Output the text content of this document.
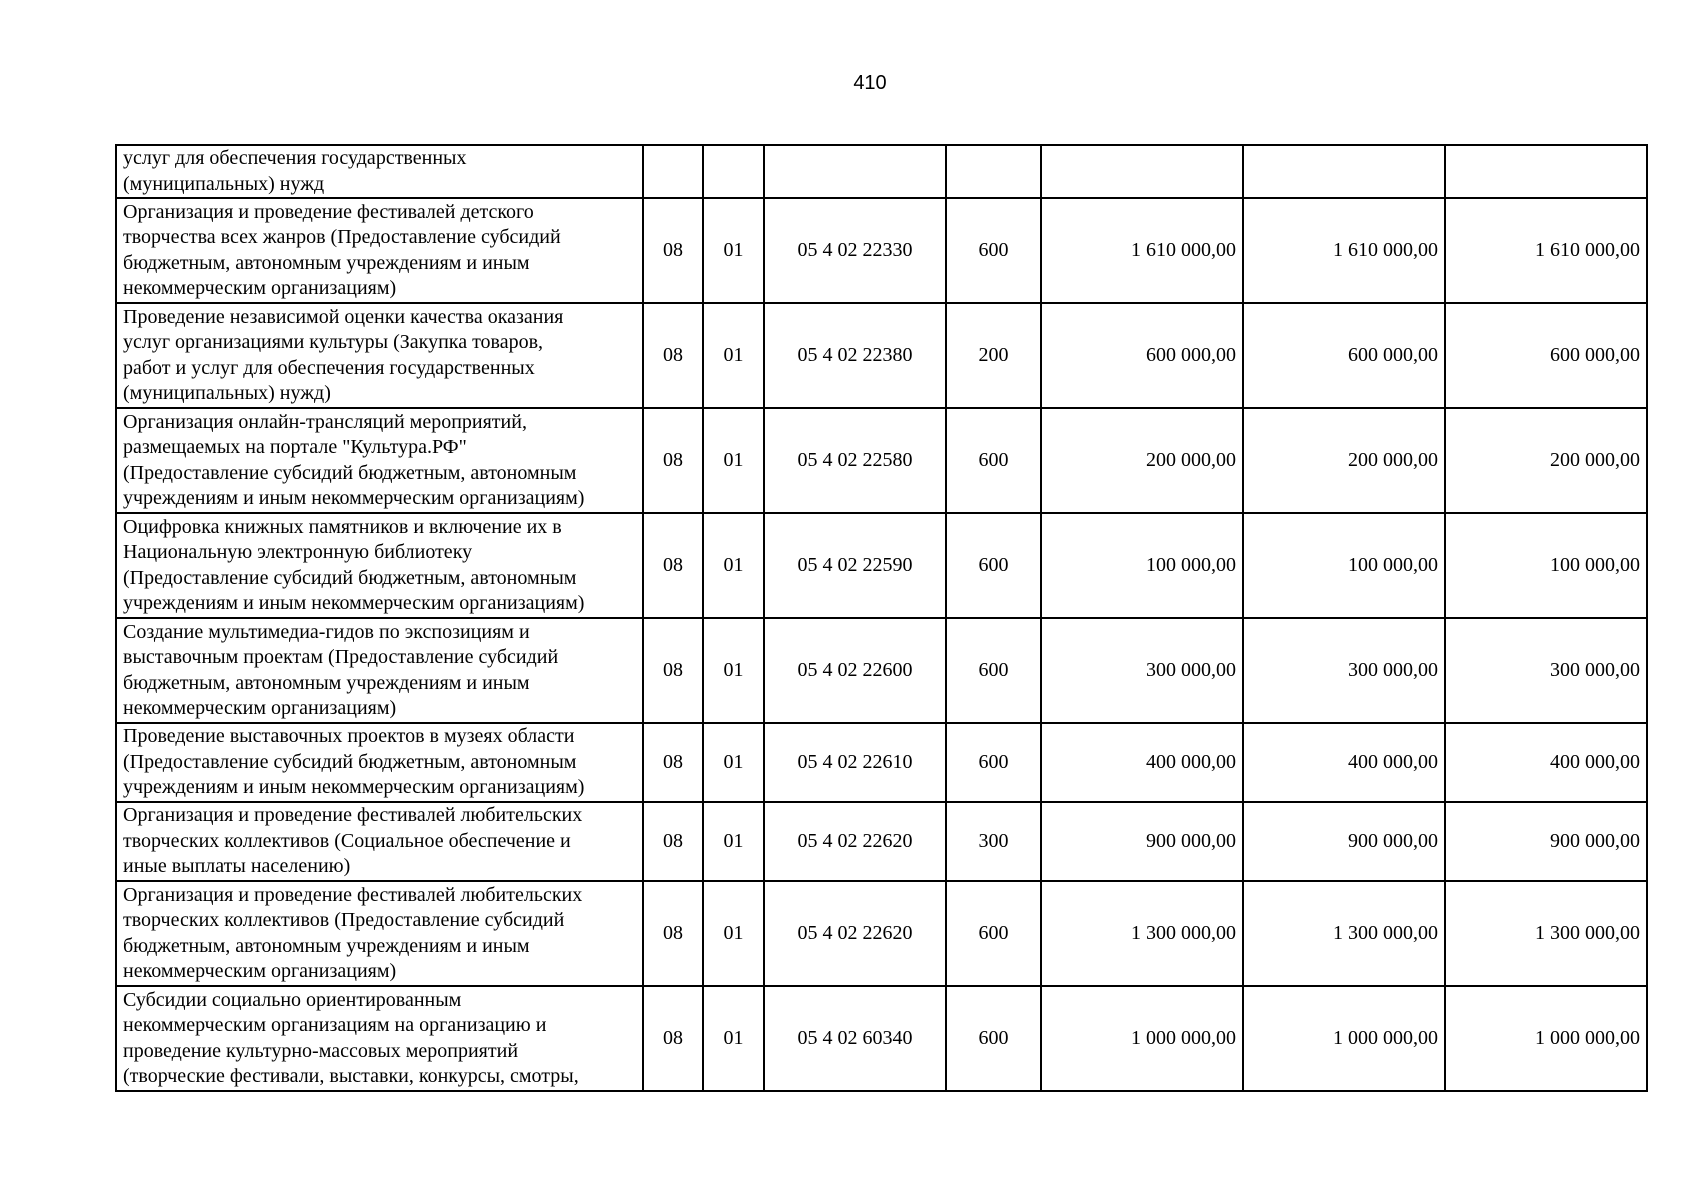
410
услуг для обеспечения государственных
(муниципальных) нужд							
Организация и проведение фестивалей детского
творчества всех жанров (Предоставление субсидий
бюджетным, автономным учреждениям и иным
некоммерческим организациям)	08	01	05 4 02 22330	600	1 610 000,00	1 610 000,00	1 610 000,00
Проведение независимой оценки качества оказания
услуг организациями культуры (Закупка товаров,
работ и услуг для обеспечения государственных
(муниципальных) нужд)	08	01	05 4 02 22380	200	600 000,00	600 000,00	600 000,00
Организация онлайн-трансляций мероприятий,
размещаемых на портале "Культура.РФ"
(Предоставление субсидий бюджетным, автономным
учреждениям и иным некоммерческим организациям)	08	01	05 4 02 22580	600	200 000,00	200 000,00	200 000,00
Оцифровка книжных памятников и включение их в
Национальную электронную библиотеку
(Предоставление субсидий бюджетным, автономным
учреждениям и иным некоммерческим организациям)	08	01	05 4 02 22590	600	100 000,00	100 000,00	100 000,00
Создание мультимедиа-гидов по экспозициям и
выставочным проектам (Предоставление субсидий
бюджетным, автономным учреждениям и иным
некоммерческим организациям)	08	01	05 4 02 22600	600	300 000,00	300 000,00	300 000,00
Проведение выставочных проектов в музеях области
(Предоставление субсидий бюджетным, автономным
учреждениям и иным некоммерческим организациям)	08	01	05 4 02 22610	600	400 000,00	400 000,00	400 000,00
Организация и проведение фестивалей любительских
творческих коллективов (Социальное обеспечение и
иные выплаты населению)	08	01	05 4 02 22620	300	900 000,00	900 000,00	900 000,00
Организация и проведение фестивалей любительских
творческих коллективов (Предоставление субсидий
бюджетным, автономным учреждениям и иным
некоммерческим организациям)	08	01	05 4 02 22620	600	1 300 000,00	1 300 000,00	1 300 000,00
Субсидии социально ориентированным
некоммерческим организациям на организацию и
проведение культурно-массовых мероприятий
(творческие фестивали, выставки, конкурсы, смотры,	08	01	05 4 02 60340	600	1 000 000,00	1 000 000,00	1 000 000,00
